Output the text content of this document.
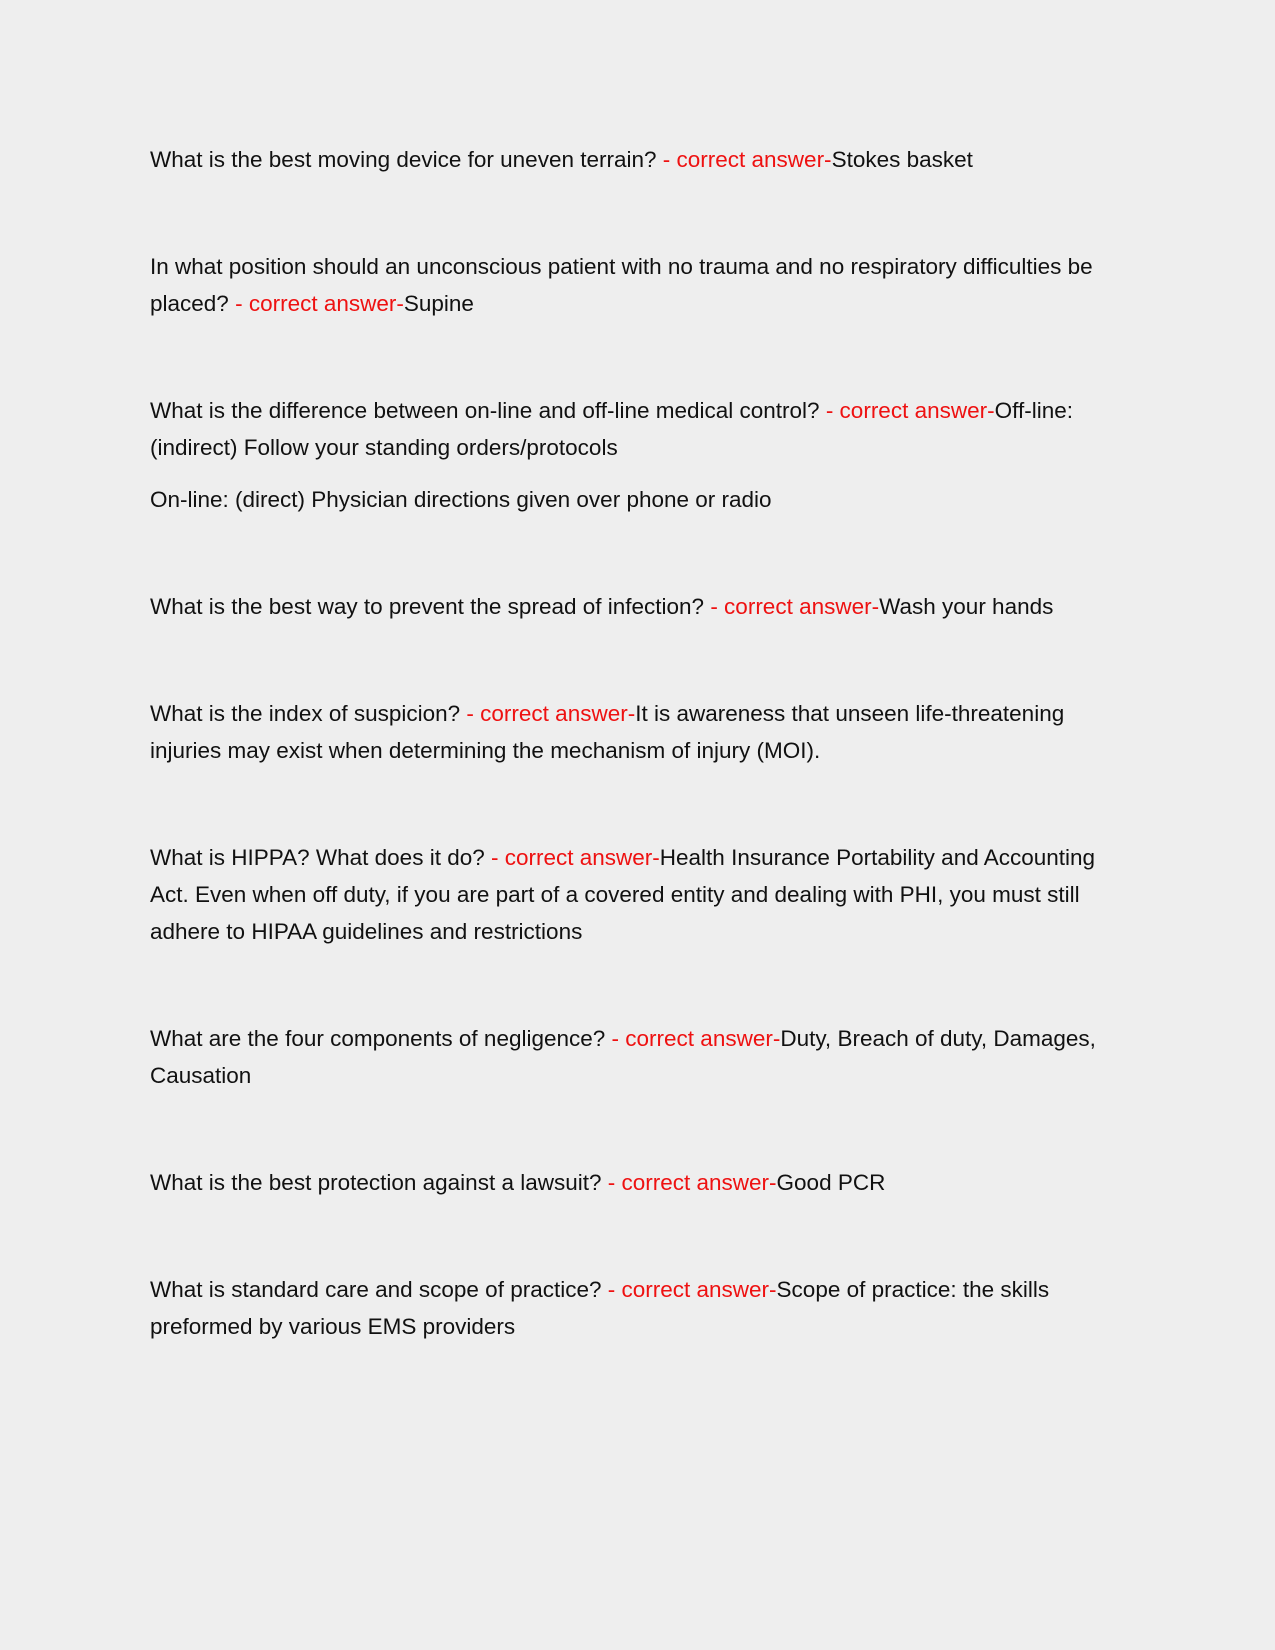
What is the best moving device for uneven terrain? - correct answer-Stokes basket

In what position should an unconscious patient with no trauma and no respiratory difficulties be placed? - correct answer-Supine

What is the difference between on-line and off-line medical control? - correct answer-Off-line: (indirect) Follow your standing orders/protocols

On-line: (direct) Physician directions given over phone or radio

What is the best way to prevent the spread of infection? - correct answer-Wash your hands

What is the index of suspicion? - correct answer-It is awareness that unseen life-threatening injuries may exist when determining the mechanism of injury (MOI).

What is HIPPA? What does it do? - correct answer-Health Insurance Portability and Accounting Act. Even when off duty, if you are part of a covered entity and dealing with PHI, you must still adhere to HIPAA guidelines and restrictions

What are the four components of negligence? - correct answer-Duty, Breach of duty, Damages, Causation

What is the best protection against a lawsuit? - correct answer-Good PCR

What is standard care and scope of practice? - correct answer-Scope of practice: the skills preformed by various EMS providers
